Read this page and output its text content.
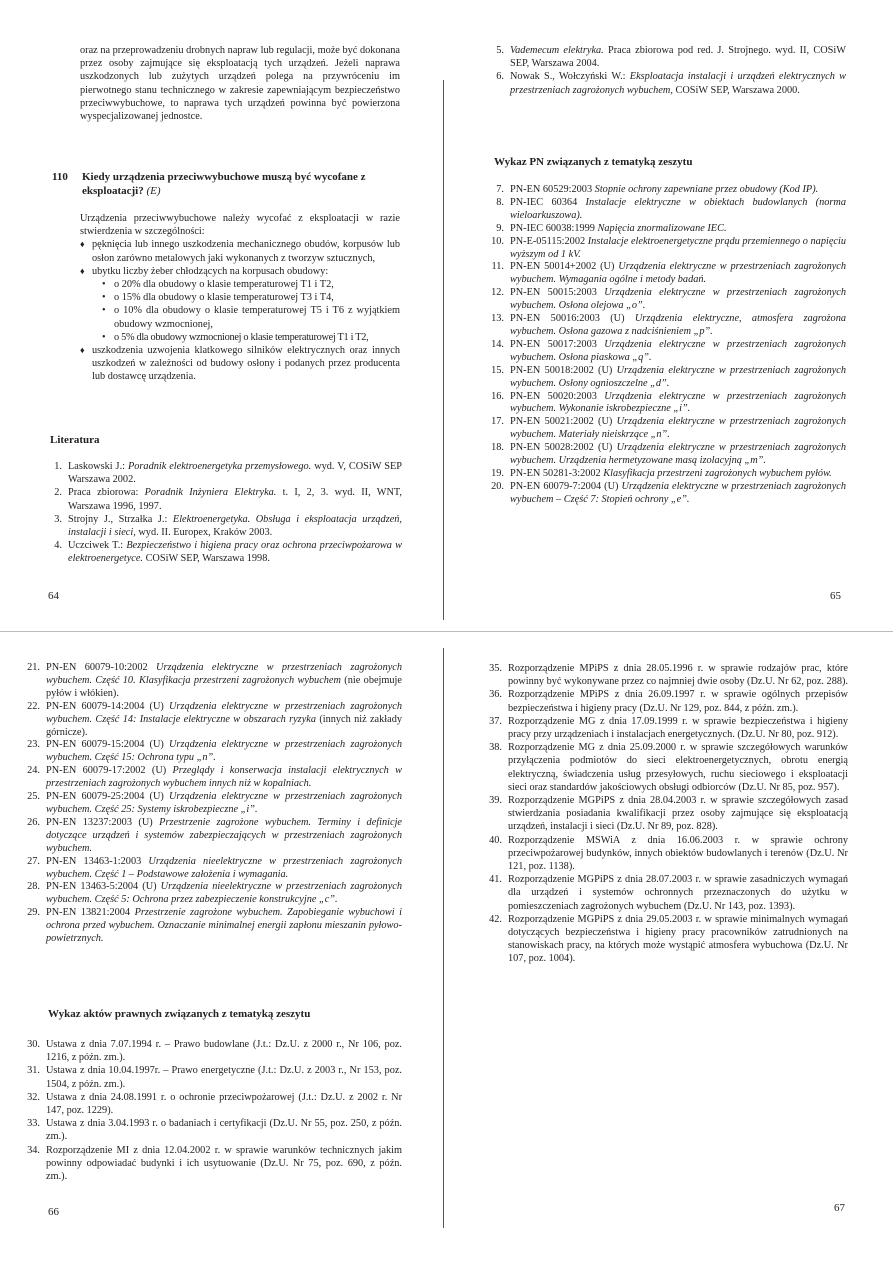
oraz na przeprowadzeniu drobnych napraw lub regulacji, może być dokonana przez osoby zajmujące się eksploatacją tych urządzeń. Jeżeli naprawa uszkodzonych lub zużytych urządzeń polega na przywróceniu im pierwotnego stanu technicznego w zakresie zapewniającym bezpieczeństwo przeciwwybuchowe, to naprawa tych urządzeń powinna być powierzona wyspecjalizowanej jednostce.

110	Kiedy urządzenia przeciwwybuchowe muszą być wycofane z eksploatacji? (E)

Urządzenia przeciwwybuchowe należy wycofać z eksploatacji w razie stwierdzenia w szczególności:

♦ pęknięcia lub innego uszkodzenia mechanicznego obudów, korpusów lub osłon zarówno metalowych jaki wykonanych z tworzyw sztucznych,
♦ ubytku liczby żeber chłodzących na korpusach obudowy:
• o 20% dla obudowy o klasie temperaturowej T1 i T2,
• o 15% dla obudowy o klasie temperaturowej T3 i T4,
• o 10% dla obudowy o klasie temperaturowej T5 i T6 z wyjątkiem obudowy wzmocnionej,
• o 5% dla obudowy wzmocnionej o klasie temperaturowej T1 i T2,
♦ uszkodzenia uzwojenia klatkowego silników elektrycznych oraz innych uszkodzeń w zależności od budowy osłony i podanych przez producenta lub dostawcę urządzenia.
Literatura
1. Laskowski J.: Poradnik elektroenergetyka przemysłowego. wyd. V, COSiW SEP Warszawa 2002.
2. Praca zbiorowa: Poradnik Inżyniera Elektryka. t. I, 2, 3. wyd. II, WNT, Warszawa 1996, 1997.
3. Strojny J., Strzałka J.: Elektroenergetyka. Obsługa i eksploatacja urządzeń, instalacji i sieci, wyd. II. Europex, Kraków 2003.
4. Uczciwek T.: Bezpieczeństwo i higiena pracy oraz ochrona przeciwpożarowa w elektroenergetyce. COSiW SEP, Warszawa 1998.
64
5. Vademecum elektryka. Praca zbiorowa pod red. J. Strojnego. wyd. II, COSiW SEP, Warszawa 2004.
6. Nowak S., Wołczyński W.: Eksploatacja instalacji i urządzeń elektrycznych w przestrzeniach zagrożonych wybuchem, COSiW SEP, Warszawa 2000.
Wykaz PN związanych z tematyką zeszytu
7. PN-EN 60529:2003 Stopnie ochrony zapewniane przez obudowy (Kod IP).
8. PN-IEC 60364 Instalacje elektryczne w obiektach budowlanych (norma wieloarkuszowa).
9. PN-IEC 60038:1999 Napięcia znormalizowane IEC.
10. PN-E-05115:2002 Instalacje elektroenergetyczne prądu przemiennego o napięciu wyższym od 1 kV.
11. PN-EN 50014+2002 (U) Urządzenia elektryczne w przestrzeniach zagrożonych wybuchem. Wymagania ogólne i metody badań.
12. PN-EN 50015:2003 Urządzenia elektryczne w przestrzeniach zagrożonych wybuchem. Osłona olejowa „o”.
13. PN-EN 50016:2003 (U) Urządzenia elektryczne, atmosfera zagrożona wybuchem. Osłona gazowa z nadciśnieniem „p”.
14. PN-EN 50017:2003 Urządzenia elektryczne w przestrzeniach zagrożonych wybuchem. Osłona piaskowa „q”.
15. PN-EN 50018:2002 (U) Urządzenia elektryczne w przestrzeniach zagrożonych wybuchem. Osłony ognioszczelne „d”.
16. PN-EN 50020:2003 Urządzenia elektryczne w przestrzeniach zagrożonych wybuchem. Wykonanie iskrobezpieczne „i”.
17. PN-EN 50021:2002 (U) Urządzenia elektryczne w przestrzeniach zagrożonych wybuchem. Materiały nieiskrzące „n”.
18. PN-EN 50028:2002 (U) Urządzenia elektryczne w przestrzeniach zagrożonych wybuchem. Urządzenia hermetyzowane masą izolacyjną „m”.
19. PN-EN 50281-3:2002 Klasyfikacja przestrzeni zagrożonych wybuchem pyłów.
20. PN-EN 60079-7:2004 (U) Urządzenia elektryczne w przestrzeniach zagrożonych wybuchem – Część 7: Stopień ochrony „e”.
65
21. PN-EN 60079-10:2002 Urządzenia elektryczne w przestrzeniach zagrożonych wybuchem. Część 10. Klasyfikacja przestrzeni zagrożonych wybuchem (nie obejmuje pyłów i włókien).
22. PN-EN 60079-14:2004 (U) Urządzenia elektryczne w przestrzeniach zagrożonych wybuchem. Część 14: Instalacje elektryczne w obszarach ryzyka (innych niż zakłady górnicze).
23. PN-EN 60079-15:2004 (U) Urządzenia elektryczne w przestrzeniach zagrożonych wybuchem. Część 15: Ochrona typu „n”.
24. PN-EN 60079-17:2002 (U) Przeglądy i konserwacja instalacji elektrycznych w przestrzeniach zagrożonych wybuchem innych niż w kopalniach.
25. PN-EN 60079-25:2004 (U) Urządzenia elektryczne w przestrzeniach zagrożonych wybuchem. Część 25: Systemy iskrobezpieczne „i”.
26. PN-EN 13237:2003 (U) Przestrzenie zagrożone wybuchem. Terminy i definicje dotyczące urządzeń i systemów zabezpieczających w przestrzeniach zagrożonych wybuchem.
27. PN-EN 13463-1:2003 Urządzenia nieelektryczne w przestrzeniach zagrożonych wybuchem. Część 1 – Podstawowe założenia i wymagania.
28. PN-EN 13463-5:2004 (U) Urządzenia nieelektryczne w przestrzeniach zagrożonych wybuchem. Część 5: Ochrona przez zabezpieczenie konstrukcyjne „c”.
29. PN-EN 13821:2004 Przestrzenie zagrożone wybuchem. Zapobieganie wybuchowi i ochrona przed wybuchem. Oznaczanie minimalnej energii zapłonu mieszanin pyłowo-powietrznych.
Wykaz aktów prawnych związanych z tematyką zeszytu
30. Ustawa z dnia 7.07.1994 r. – Prawo budowlane (J.t.: Dz.U. z 2000 r., Nr 106, poz. 1216, z późn. zm.).
31. Ustawa z dnia 10.04.1997r. – Prawo energetyczne (J.t.: Dz.U. z 2003 r., Nr 153, poz. 1504, z późn. zm.).
32. Ustawa z dnia 24.08.1991 r. o ochronie przeciwpożarowej (J.t.: Dz.U. z 2002 r. Nr 147, poz. 1229).
33. Ustawa z dnia 3.04.1993 r. o badaniach i certyfikacji (Dz.U. Nr 55, poz. 250, z późn. zm.).
34. Rozporządzenie MI z dnia 12.04.2002 r. w sprawie warunków technicznych jakim powinny odpowiadać budynki i ich usytuowanie (Dz.U. Nr 75, poz. 690, z późn. zm.).
66
35. Rozporządzenie MPiPS z dnia 28.05.1996 r. w sprawie rodzajów prac, które powinny być wykonywane przez co najmniej dwie osoby (Dz.U. Nr 62, poz. 288).
36. Rozporządzenie MPiPS z dnia 26.09.1997 r. w sprawie ogólnych przepisów bezpieczeństwa i higieny pracy (Dz.U. Nr 129, poz. 844, z późn. zm.).
37. Rozporządzenie MG z dnia 17.09.1999 r. w sprawie bezpieczeństwa i higieny pracy przy urządzeniach i instalacjach energetycznych. (Dz.U. Nr 80, poz. 912).
38. Rozporządzenie MG z dnia 25.09.2000 r. w sprawie szczegółowych warunków przyłączenia podmiotów do sieci elektroenergetycznych, obrotu energią elektryczną, świadczenia usług przesyłowych, ruchu sieciowego i eksploatacji sieci oraz standardów jakościowych obsługi odbiorców (Dz.U. Nr 85, poz. 957).
39. Rozporządzenie MGPiPS z dnia 28.04.2003 r. w sprawie szczegółowych zasad stwierdzania posiadania kwalifikacji przez osoby zajmujące się eksploatacją urządzeń, instalacji i sieci (Dz.U. Nr 89, poz. 828).
40. Rozporządzenie MSWiA z dnia 16.06.2003 r. w sprawie ochrony przeciwpożarowej budynków, innych obiektów budowlanych i terenów (Dz.U. Nr 121, poz. 1138).
41. Rozporządzenie MGPiPS z dnia 28.07.2003 r. w sprawie zasadniczych wymagań dla urządzeń i systemów ochronnych przeznaczonych do użytku w pomieszczeniach zagrożonych wybuchem (Dz.U. Nr 143, poz. 1393).
42. Rozporządzenie MGPiPS z dnia 29.05.2003 r. w sprawie minimalnych wymagań dotyczących bezpieczeństwa i higieny pracy pracowników zatrudnionych na stanowiskach pracy, na których może wystąpić atmosfera wybuchowa (Dz.U. Nr 107, poz. 1004).
67
